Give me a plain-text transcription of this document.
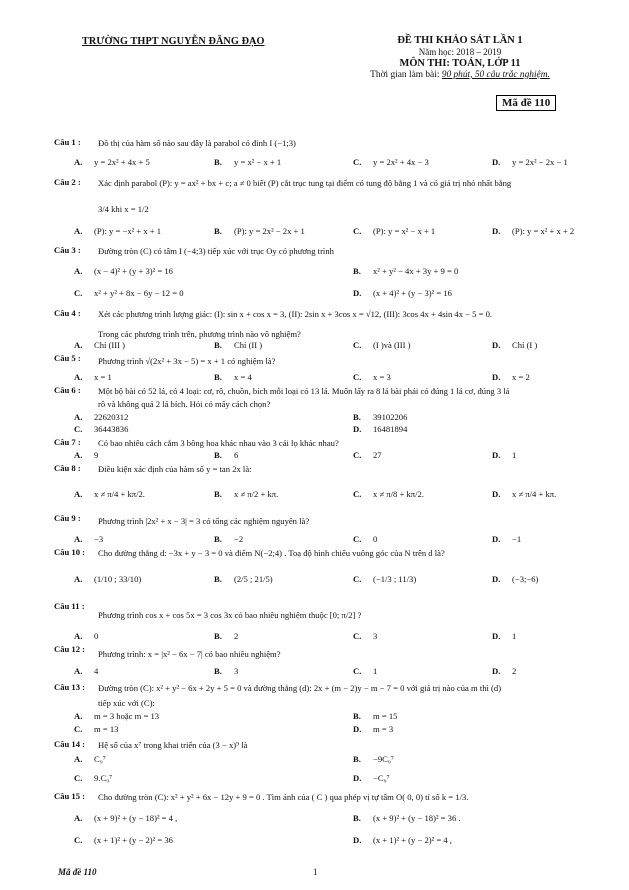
TRƯỜNG THPT NGUYỄN ĐĂNG ĐẠO	ĐỀ THI KHẢO SÁT LẦN 1
Năm học: 2018 – 2019
MÔN THI: TOÁN, LỚP 11
Thời gian làm bài: 90 phút, 50 câu trắc nghiệm.
Mã đề 110
Câu 1 : Đồ thị của hàm số nào sau đây là parabol có đỉnh I (−1;3)
A. y = 2x² + 4x + 5	B. y = x² − x + 1	C. y = 2x² + 4x − 3	D. y = 2x² − 2x − 1
Câu 2 : Xác định parabol (P): y = ax² + bx + c; a ≠ 0 biết (P) cắt trục tung tại điểm có tung độ bằng 1 và có giá trị nhỏ nhất bằng
3/4 khi x = 1/2
A. (P): y = −x² + x + 1	B. (P): y = 2x² − 2x + 1	C. (P): y = x² − x + 1	D. (P): y = x² + x + 2
Câu 3 : Đường tròn (C) có tâm I (−4;3) tiếp xúc với trục Oy có phương trình
A. (x − 4)² + (y + 3)² = 16	B. x² + y² − 4x + 3y + 9 = 0
C. x² + y² + 8x − 6y − 12 = 0	D. (x + 4)² + (y − 3)² = 16
Câu 4 : Xét các phương trình lượng giác: (I): sin x + cos x = 3, (II): 2sin x + 3cos x = √12, (III): 3cos 4x + 4sin 4x − 5 = 0.
Trong các phương trình trên, phương trình nào vô nghiệm?
A. Chỉ (III )	B. Chỉ (II )	C. (I )và (III )	D. Chỉ (I )
Câu 5 : Phương trình √(2x² + 3x − 5) = x + 1 có nghiệm là?
A. x = 1	B. x = 4	C. x = 3	D. x = 2
Câu 6 : Một bộ bài có 52 lá, có 4 loại: cơ, rô, chuồn, bích mỗi loại có 13 lá. Muốn lấy ra 8 lá bài phải có đúng 1 lá cơ, đúng 3 lá
rô và không quá 2 lá bích. Hỏi có mấy cách chọn?
A. 22620312	B. 39102206
C. 36443836	D. 16481894
Câu 7 : Có bao nhiêu cách cắm 3 bông hoa khác nhau vào 3 cái lọ khác nhau?
A. 9	B. 6	C. 27	D. 1
Câu 8 : Điều kiện xác định của hàm số y = tan 2x là:
A. x ≠ π/4 + kπ/2.	B. x ≠ π/2 + kπ.	C. x ≠ π/8 + kπ/2.	D. x ≠ π/4 + kπ.
Câu 9 : Phương trình |2x² + x − 3| = 3 có tổng các nghiệm nguyên là?
A. −3	B. −2	C. 0	D. −1
Câu 10 : Cho đường thẳng d: −3x + y − 3 = 0 và điểm N(−2;4) . Toạ độ hình chiếu vuông góc của N trên d là?
A. (1/10 ; 33/10)	B. (2/5 ; 21/5)	C. (−1/3 ; 11/3)	D. (−3;−6)
Câu 11 :
Phương trình cos x + cos 5x = 3 cos 3x có bao nhiêu nghiệm thuộc [0; π/2] ?
A. 0	B. 2	C. 3	D. 1
Câu 12 : Phương trình: x = |x² − 6x − 7| có bao nhiêu nghiệm?
A. 4	B. 3	C. 1	D. 2
Câu 13 : Đường tròn (C): x² + y² − 6x + 2y + 5 = 0 và đường thẳng (d): 2x + (m − 2)y − m − 7 = 0 với giá trị nào của m thì (d)
tiếp xúc với (C):
A. m = 3 hoặc m = 13	B. m = 15
C. m = 13	D. m = 3
Câu 14 : Hệ số của x⁷ trong khai triển của (3 − x)⁹ là
A. C₉⁷	B. −9C₉⁷
C. 9.C₉⁷	D. −C₉⁷
Câu 15 : Cho đường tròn (C): x² + y² + 6x − 12y + 9 = 0 . Tìm ảnh của ( C ) qua phép vị tự tâm O( 0, 0) tỉ số k = 1/3.
A. (x + 9)² + (y − 18)² = 4 ,	B. (x + 9)² + (y − 18)² = 36 .
C. (x + 1)² + (y − 2)² = 36	D. (x + 1)² + (y − 2)² = 4 ,
Mã đề 110	1
